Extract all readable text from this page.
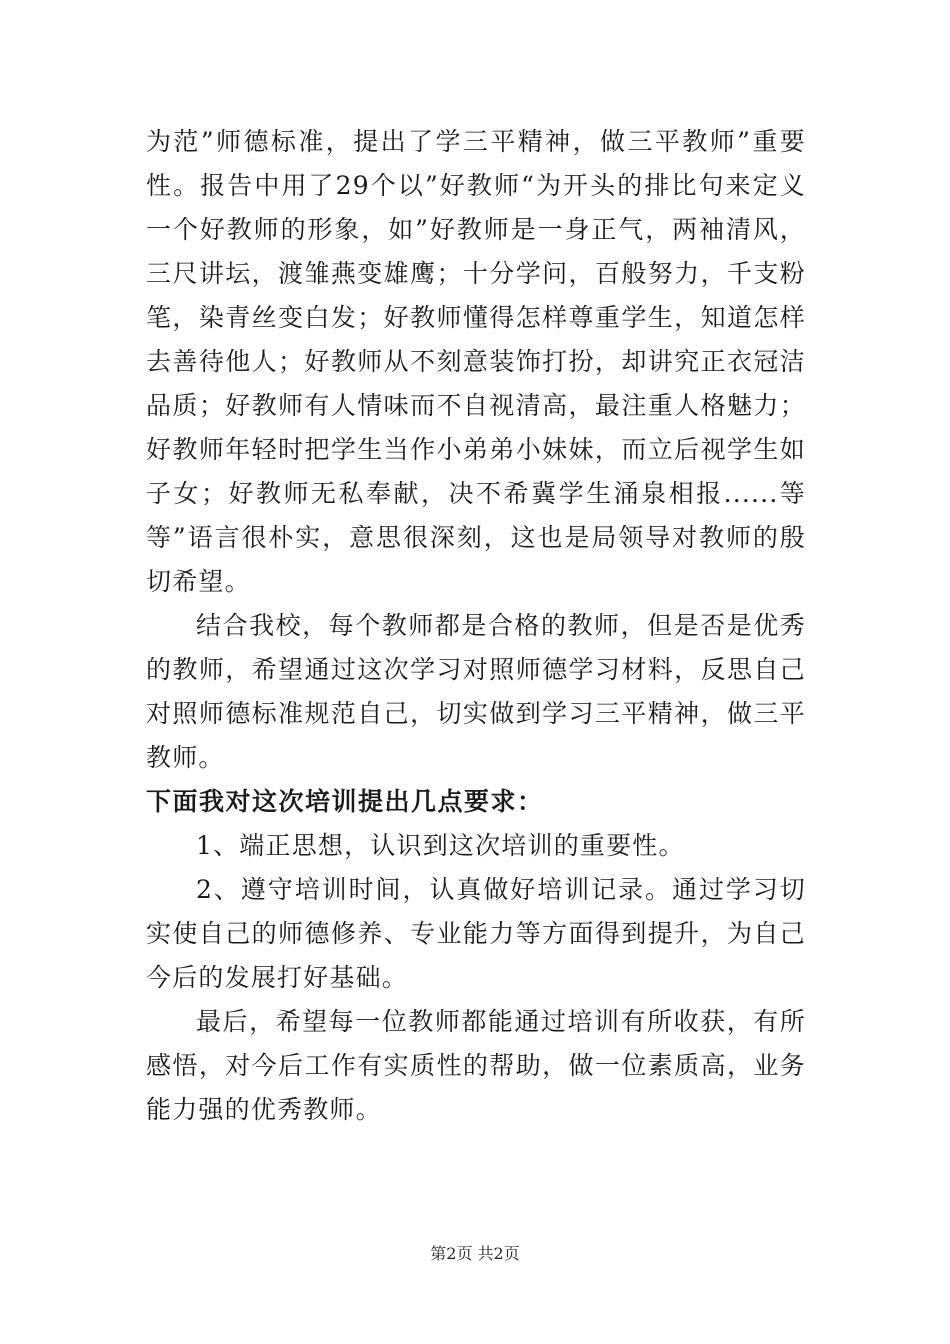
为范”师德标准，提出了学三平精神，做三平教师”重要性。报告中用了29个以”好教师“为开头的排比句来定义一个好教师的形象，如”好教师是一身正气，两袖清风，三尺讲坛，渡雏燕变雄鹰；十分学问，百般努力，千支粉笔，染青丝变白发；好教师懂得怎样尊重学生，知道怎样去善待他人；好教师从不刻意装饰打扮，却讲究正衣冠洁品质；好教师有人情味而不自视清高，最注重人格魅力；好教师年轻时把学生当作小弟弟小妹妹，而立后视学生如子女；好教师无私奉献，决不希冀学生涌泉相报......等等”语言很朴实，意思很深刻，这也是局领导对教师的殷切希望。

结合我校，每个教师都是合格的教师，但是否是优秀的教师，希望通过这次学习对照师德学习材料，反思自己对照师德标准规范自己，切实做到学习三平精神，做三平教师。

下面我对这次培训提出几点要求：

1、端正思想，认识到这次培训的重要性。

2、遵守培训时间，认真做好培训记录。通过学习切实使自己的师德修养、专业能力等方面得到提升，为自己今后的发展打好基础。

最后，希望每一位教师都能通过培训有所收获，有所感悟，对今后工作有实质性的帮助，做一位素质高，业务能力强的优秀教师。

第2页 共2页
